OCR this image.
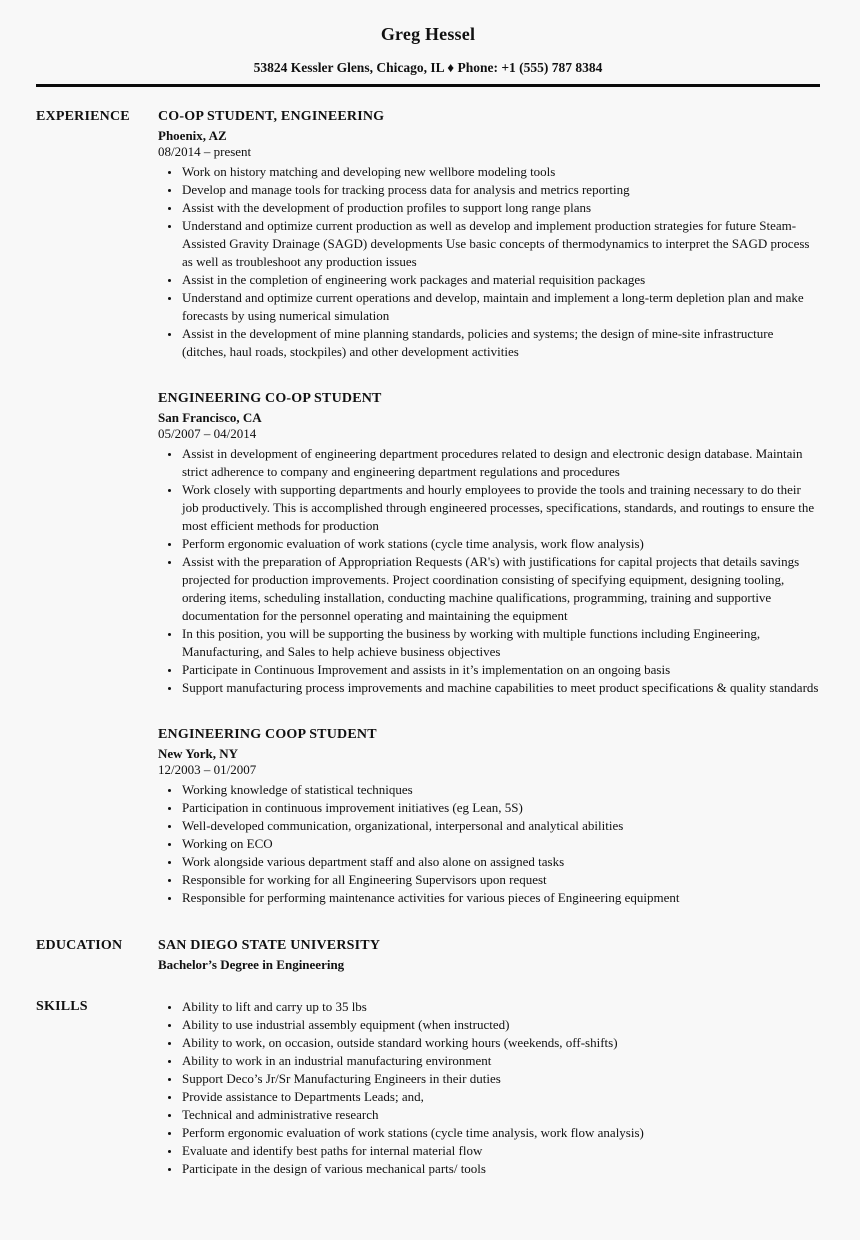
Greg Hessel
53824 Kessler Glens, Chicago, IL ♦ Phone: +1 (555) 787 8384
EXPERIENCE	CO-OP STUDENT, ENGINEERING
Phoenix, AZ
08/2014 – present
• Work on history matching and developing new wellbore modeling tools
• Develop and manage tools for tracking process data for analysis and metrics reporting
• Assist with the development of production profiles to support long range plans
• Understand and optimize current production as well as develop and implement production strategies for future Steam-Assisted Gravity Drainage (SAGD) developments Use basic concepts of thermodynamics to interpret the SAGD process as well as troubleshoot any production issues
• Assist in the completion of engineering work packages and material requisition packages
• Understand and optimize current operations and develop, maintain and implement a long-term depletion plan and make forecasts by using numerical simulation
• Assist in the development of mine planning standards, policies and systems; the design of mine-site infrastructure (ditches, haul roads, stockpiles) and other development activities
ENGINEERING CO-OP STUDENT
San Francisco, CA
05/2007 – 04/2014
• Assist in development of engineering department procedures related to design and electronic design database. Maintain strict adherence to company and engineering department regulations and procedures
• Work closely with supporting departments and hourly employees to provide the tools and training necessary to do their job productively. This is accomplished through engineered processes, specifications, standards, and routings to ensure the most efficient methods for production
• Perform ergonomic evaluation of work stations (cycle time analysis, work flow analysis)
• Assist with the preparation of Appropriation Requests (AR's) with justifications for capital projects that details savings projected for production improvements. Project coordination consisting of specifying equipment, designing tooling, ordering items, scheduling installation, conducting machine qualifications, programming, training and supportive documentation for the personnel operating and maintaining the equipment
• In this position, you will be supporting the business by working with multiple functions including Engineering, Manufacturing, and Sales to help achieve business objectives
• Participate in Continuous Improvement and assists in it’s implementation on an ongoing basis
• Support manufacturing process improvements and machine capabilities to meet product specifications & quality standards
ENGINEERING COOP STUDENT
New York, NY
12/2003 – 01/2007
• Working knowledge of statistical techniques
• Participation in continuous improvement initiatives (eg Lean, 5S)
• Well-developed communication, organizational, interpersonal and analytical abilities
• Working on ECO
• Work alongside various department staff and also alone on assigned tasks
• Responsible for working for all Engineering Supervisors upon request
• Responsible for performing maintenance activities for various pieces of Engineering equipment
EDUCATION	SAN DIEGO STATE UNIVERSITY
Bachelor’s Degree in Engineering
SKILLS	• Ability to lift and carry up to 35 lbs
• Ability to use industrial assembly equipment (when instructed)
• Ability to work, on occasion, outside standard working hours (weekends, off-shifts)
• Ability to work in an industrial manufacturing environment
• Support Deco’s Jr/Sr Manufacturing Engineers in their duties
• Provide assistance to Departments Leads; and,
• Technical and administrative research
• Perform ergonomic evaluation of work stations (cycle time analysis, work flow analysis)
• Evaluate and identify best paths for internal material flow
• Participate in the design of various mechanical parts/ tools
